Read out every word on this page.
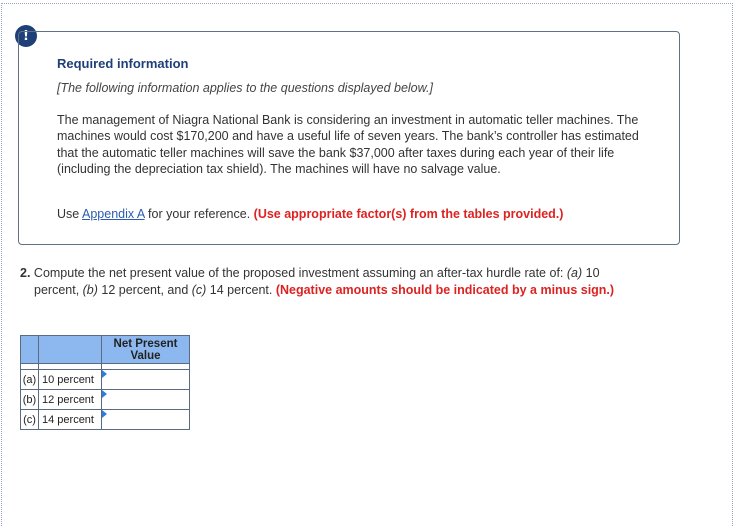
!
Required information
[The following information applies to the questions displayed below.]
The management of Niagra National Bank is considering an investment in automatic teller machines. The machines would cost $170,200 and have a useful life of seven years. The bank’s controller has estimated that the automatic teller machines will save the bank $37,000 after taxes during each year of their life (including the depreciation tax shield). The machines will have no salvage value.
Use Appendix A for your reference. (Use appropriate factor(s) from the tables provided.)
2. Compute the net present value of the proposed investment assuming an after-tax hurdle rate of: (a) 10
percent, (b) 12 percent, and (c) 14 percent. (Negative amounts should be indicated by a minus sign.)
		Net Present Value

(a)	10 percent	

(b)	12 percent	

(c)	14 percent	
